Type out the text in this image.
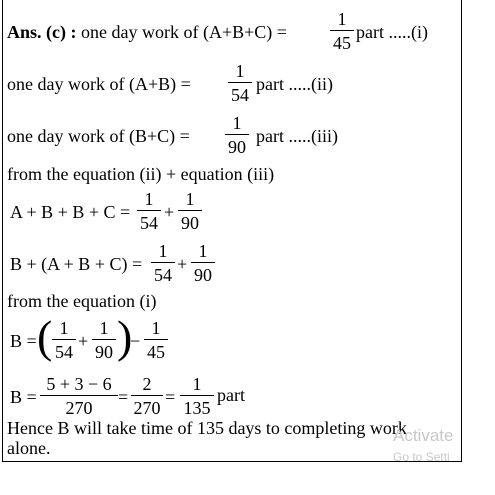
Ans. (c) : one day work of (A+B+C) =
1
45
part .....(i)
one day work of (A+B) =
1
54
part .....(ii)
one day work of (B+C) =
1
90
part .....(iii)
from the equation (ii) + equation (iii)
A + B + B + C =
1
54
+
1
90
B + (A + B + C) =
1
54
+
1
90
from the equation (i)
B = ( 1
54
+
1
90 )
−
1
45
B =
5 + 3 − 6
270
=
2
270
=
1
135
part
Hence B will take time of 135 days to completing work
alone.
Activate
Go to Setti
